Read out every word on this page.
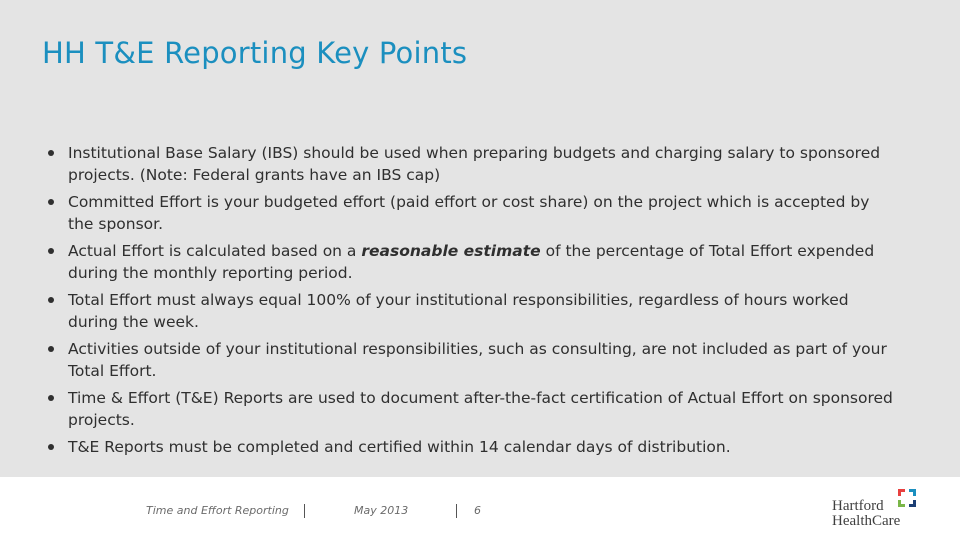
HH T&E Reporting Key Points
Institutional Base Salary (IBS) should be used when preparing budgets and charging salary to sponsored projects. (Note: Federal grants have an IBS cap)
Committed Effort is your budgeted effort (paid effort or cost share) on the project which is accepted by the sponsor.
Actual Effort is calculated based on a reasonable estimate of the percentage of Total Effort expended during the monthly reporting period.
Total Effort must always equal 100% of your institutional responsibilities, regardless of hours worked during the week.
Activities outside of your institutional responsibilities, such as consulting, are not included as part of your Total Effort.
Time & Effort (T&E) Reports are used to document after-the-fact certification of Actual Effort on sponsored projects.
T&E Reports must be completed and certified within 14 calendar days of distribution.
Time and Effort Reporting	May 2013	6	Hartford
HealthCare
